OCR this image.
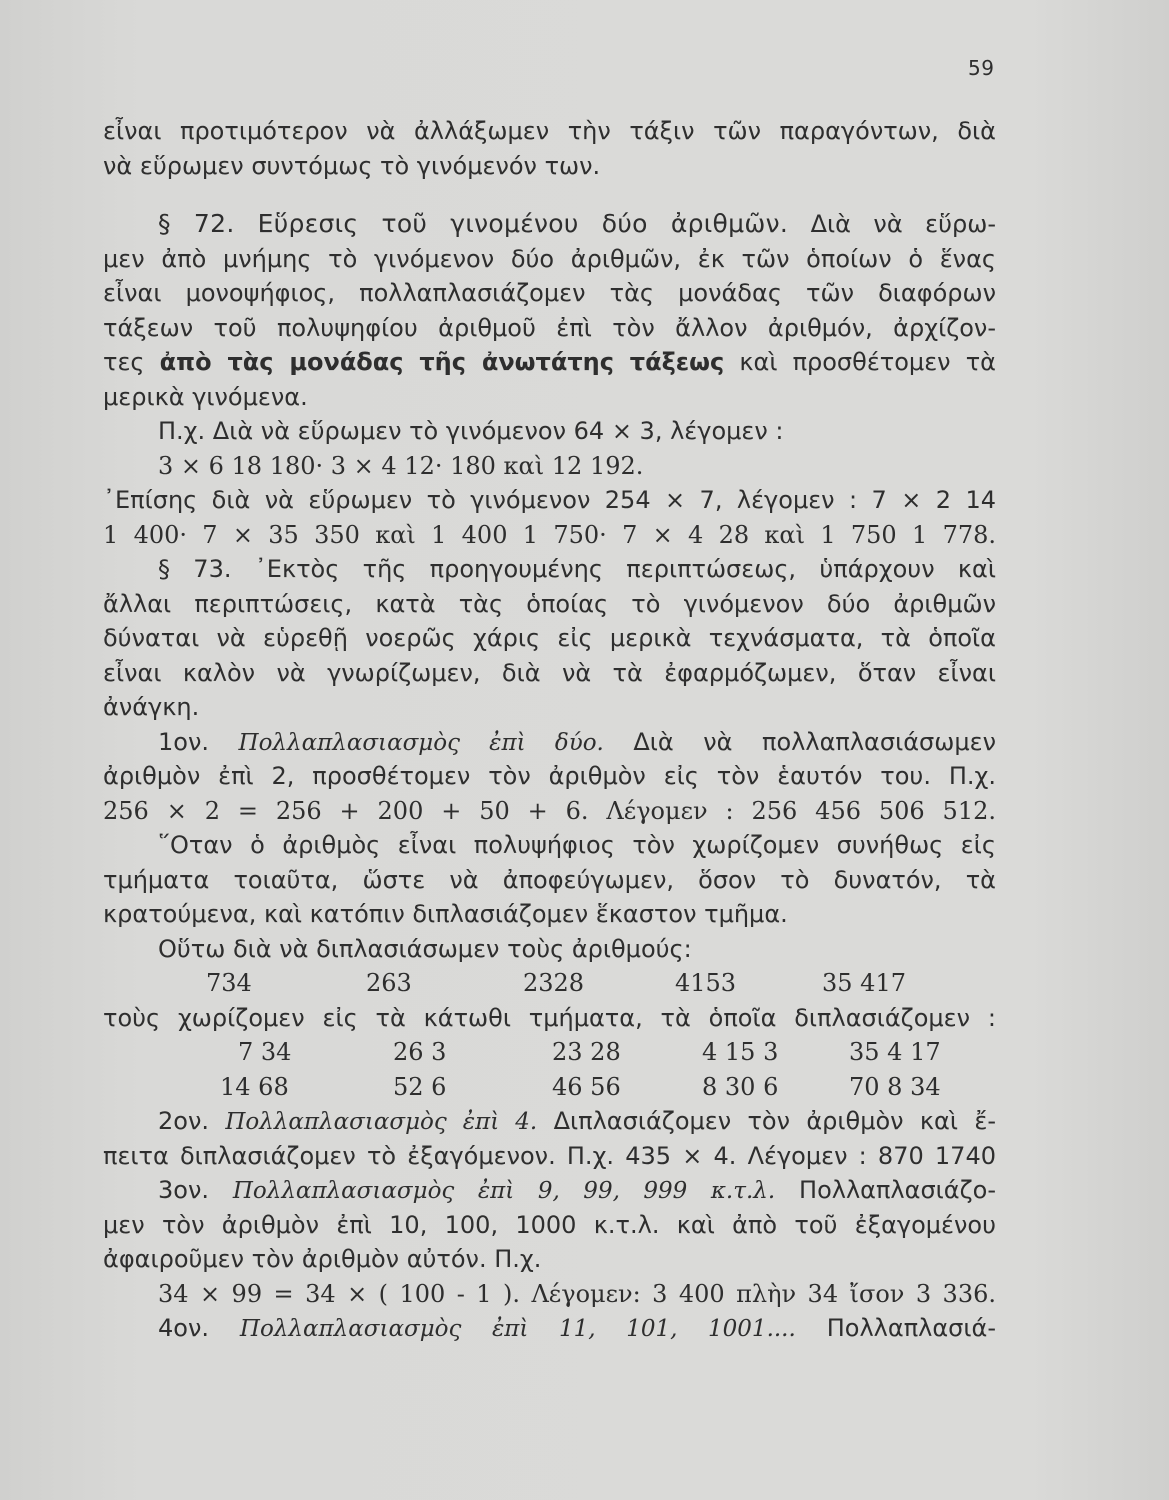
59
εἶναι προτιμότερον νὰ ἀλλάξωμεν τὴν τάξιν τῶν παραγόντων, διὰ
νὰ εὕρωμεν συντόμως τὸ γινόμενόν των.
§ 72. Εὕρεσις τοῦ γινομένου δύο ἀριθμῶν. Διὰ νὰ εὕρω-
μεν ἀπὸ μνήμης τὸ γινόμενον δύο ἀριθμῶν, ἐκ τῶν ὁποίων ὁ ἕνας
εἶναι μονοψήφιος, πολλαπλασιάζομεν τὰς μονάδας τῶν διαφόρων
τάξεων τοῦ πολυψηφίου ἀριθμοῦ ἐπὶ τὸν ἄλλον ἀριθμόν, ἀρχίζον-
τες ἀπὸ τὰς μονάδας τῆς ἀνωτάτης τάξεως καὶ προσθέτομεν τὰ
μερικὰ γινόμενα.
Π.χ. Διὰ νὰ εὕρωμεν τὸ γινόμενον 64 × 3, λέγομεν :
3 × 6 18 180· 3 × 4 12· 180 καὶ 12 192.
᾿Επίσης διὰ νὰ εὕρωμεν τὸ γινόμενον 254 × 7, λέγομεν : 7 × 2 14
1 400· 7 × 35 350 καὶ 1 400 1 750· 7 × 4 28 καὶ 1 750 1 778.
§ 73. ᾿Εκτὸς τῆς προηγουμένης περιπτώσεως, ὑπάρχουν καὶ
ἄλλαι περιπτώσεις, κατὰ τὰς ὁποίας τὸ γινόμενον δύο ἀριθμῶν
δύναται νὰ εὑρεθῇ νοερῶς χάρις εἰς μερικὰ τεχνάσματα, τὰ ὁποῖα
εἶναι καλὸν νὰ γνωρίζωμεν, διὰ νὰ τὰ ἐφαρμόζωμεν, ὅταν εἶναι
ἀνάγκη.
1ον. Πολλαπλασιασμὸς ἐπὶ δύο. Διὰ νὰ πολλαπλασιάσωμεν
ἀριθμὸν ἐπὶ 2, προσθέτομεν τὸν ἀριθμὸν εἰς τὸν ἑαυτόν του. Π.χ.
256 × 2 = 256 + 200 + 50 + 6. Λέγομεν : 256 456 506 512.
῞Οταν ὁ ἀριθμὸς εἶναι πολυψήφιος τὸν χωρίζομεν συνήθως εἰς
τμήματα τοιαῦτα, ὥστε νὰ ἀποφεύγωμεν, ὅσον τὸ δυνατόν, τὰ
κρατούμενα, καὶ κατόπιν διπλασιάζομεν ἕκαστον τμῆμα.
Οὕτω διὰ νὰ διπλασιάσωμεν τοὺς ἀριθμούς:
734	263	2328	4153	35 417
τοὺς χωρίζομεν εἰς τὰ κάτωθι τμήματα, τὰ ὁποῖα διπλασιάζομεν :
7 34	26 3	23 28	4 15 3	35 4 17
14 68	52 6	46 56	8 30 6	70 8 34
2ον. Πολλαπλασιασμὸς ἐπὶ 4. Διπλασιάζομεν τὸν ἀριθμὸν καὶ ἔ-
πειτα διπλασιάζομεν τὸ ἐξαγόμενον. Π.χ. 435 × 4. Λέγομεν : 870 1740
3ον. Πολλαπλασιασμὸς ἐπὶ 9, 99, 999 κ.τ.λ. Πολλαπλασιάζο-
μεν τὸν ἀριθμὸν ἐπὶ 10, 100, 1000 κ.τ.λ. καὶ ἀπὸ τοῦ ἐξαγομένου
ἀφαιροῦμεν τὸν ἀριθμὸν αὐτόν. Π.χ.
34 × 99 = 34 × ( 100 - 1 ). Λέγομεν: 3 400 πλὴν 34 ἴσον 3 336.
4ον. Πολλαπλασιασμὸς ἐπὶ 11, 101, 1001.... Πολλαπλασιά-
